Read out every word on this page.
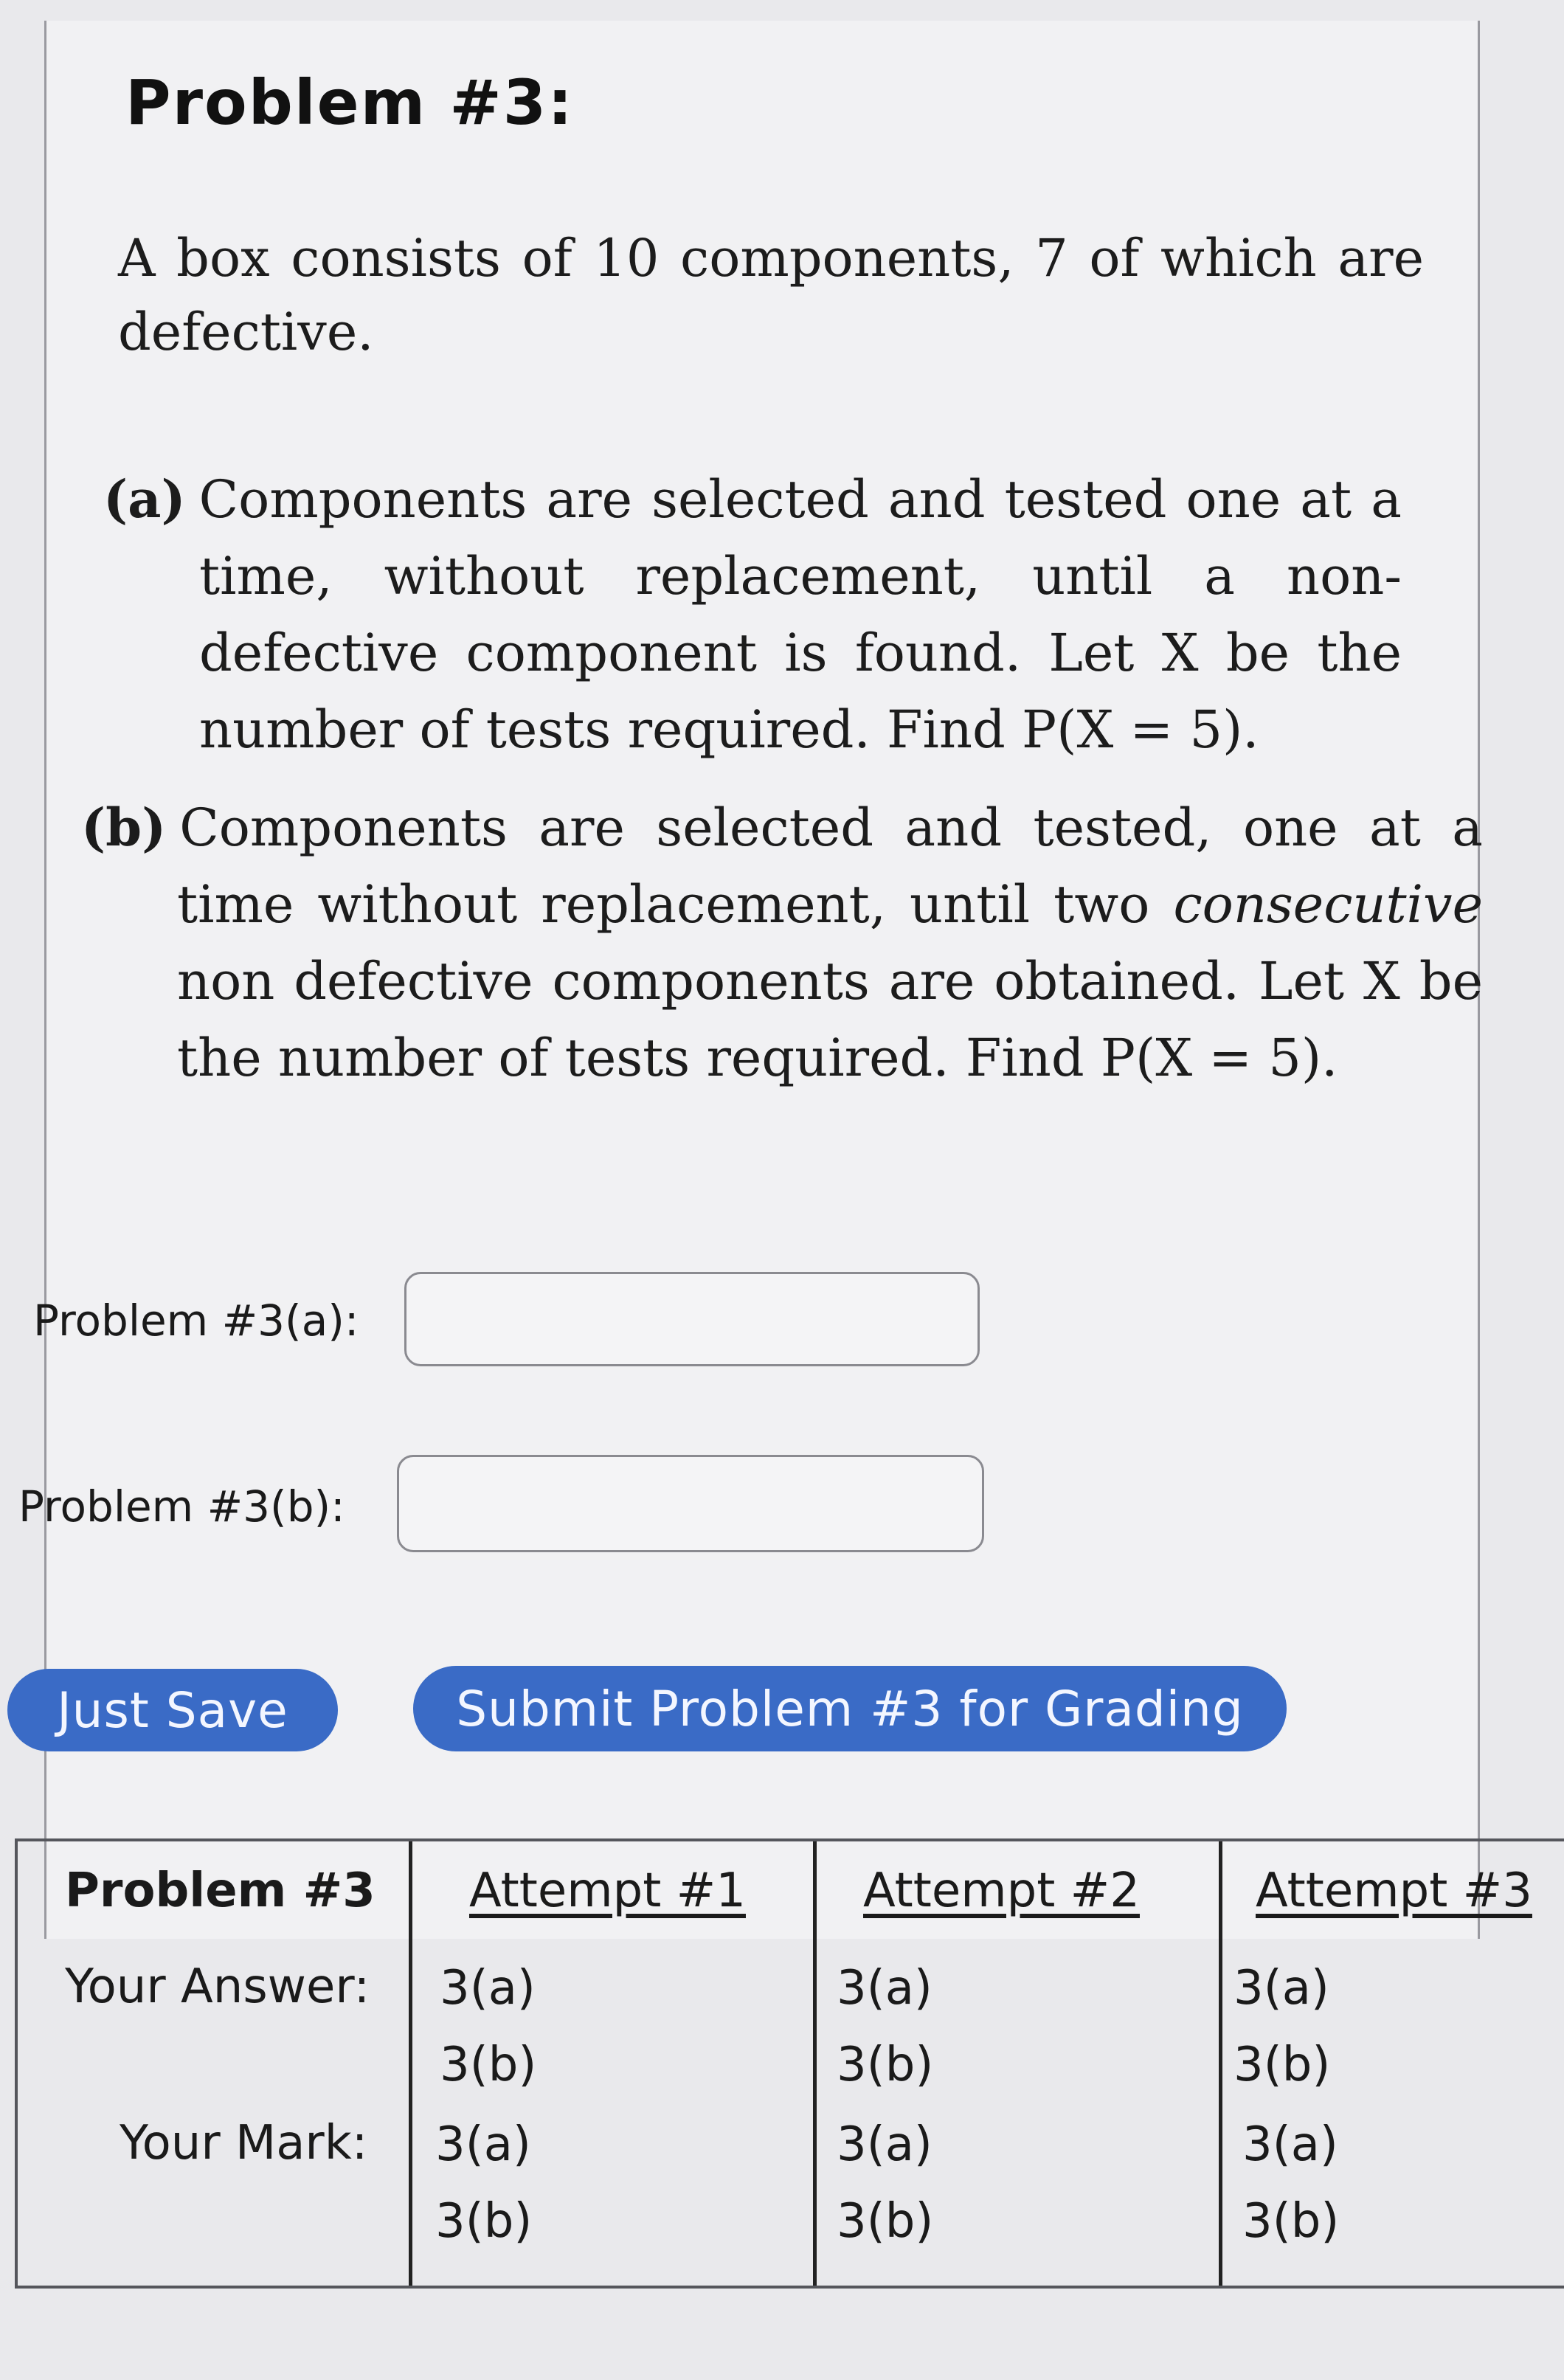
Problem #3:
A box consists of 10 components, 7 of which are defective.
(a) Components are selected and tested one at a time, without replacement, until a non-defective component is found. Let X be the number of tests required. Find P(X = 5).
(b) Components are selected and tested, one at a time without replacement, until two consecutive non defective components are obtained. Let X be the number of tests required. Find P(X = 5).
Problem #3(a):
Problem #3(b):
Just Save	Submit Problem #3 for Grading
Problem #3 Attempt #1 Attempt #2 Attempt #3
Your Answer: 3(a)
3(b)
3(a)
3(b)
3(a)
3(b)
Your Mark: 3(a)
3(b)
3(a)
3(b)
3(a)
3(b)
